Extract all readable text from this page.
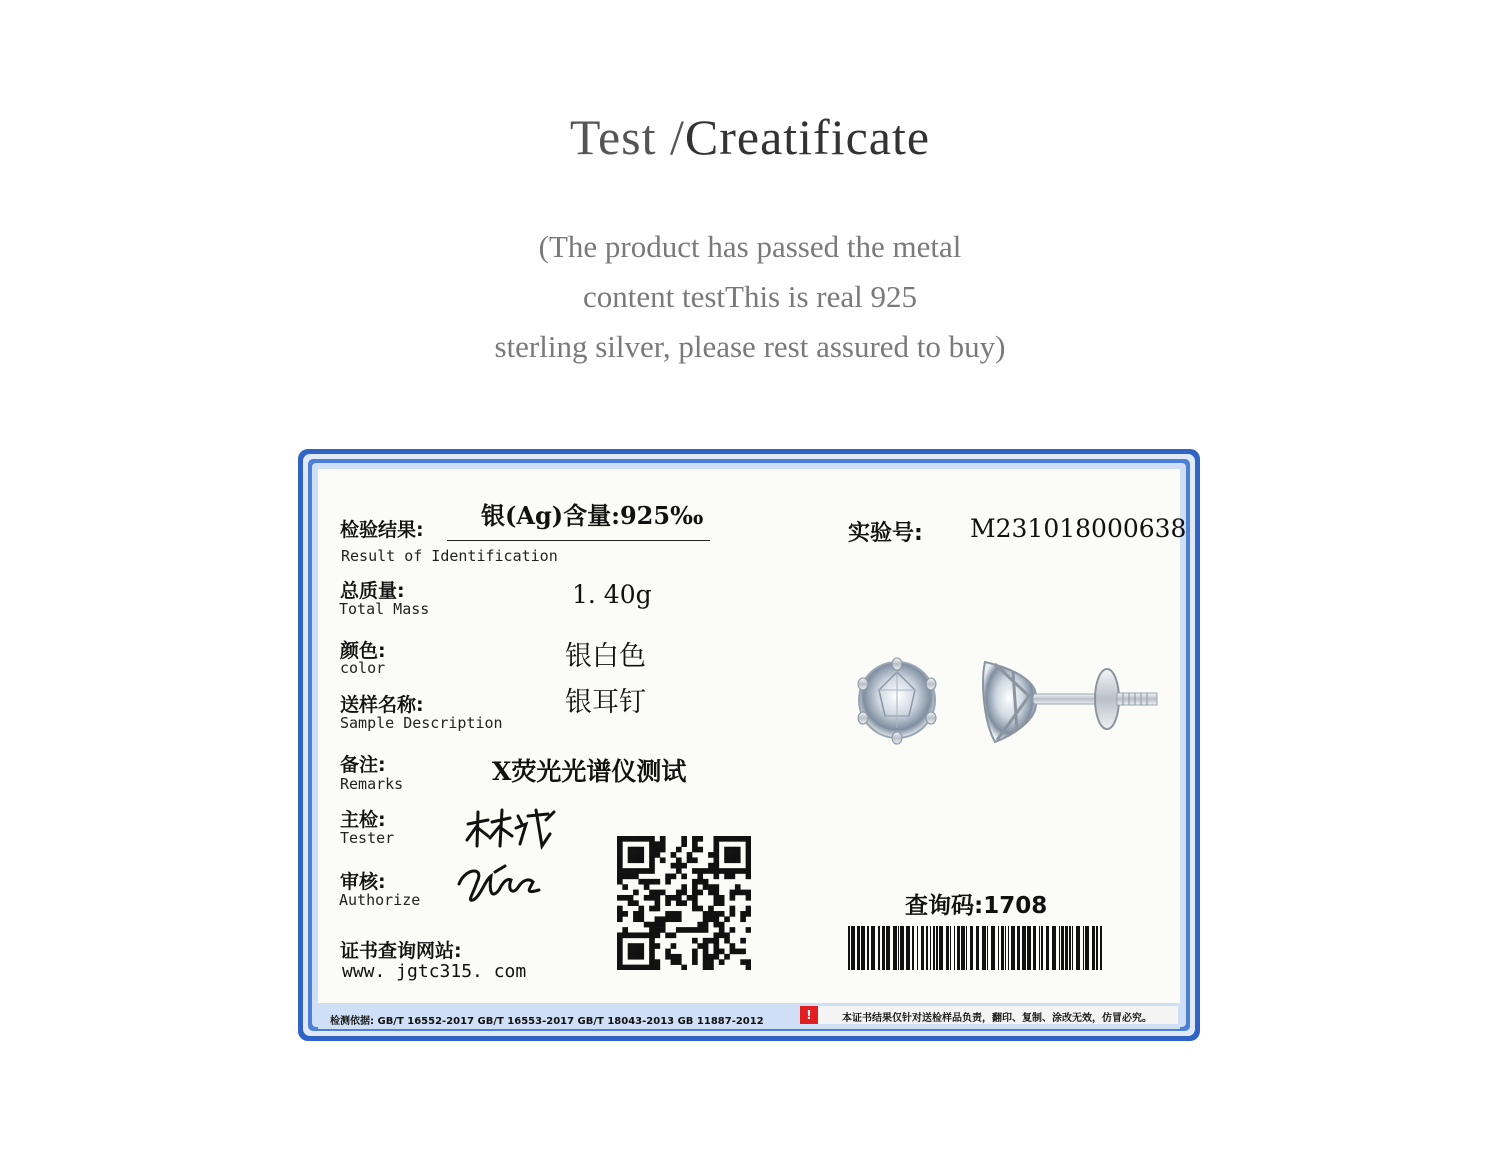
Test /Creatificate
(The product has passed the metal
content testThis is real 925
sterling silver, please rest assured to buy)
检验结果:
Result of Identification
银(Ag)含量:925‰
总质量:
Total Mass	1. 40g
颜色:
color	银白色
送样名称:
Sample Description
银耳钉
备注:
Remarks	X荧光光谱仪测试
主检:
Tester
审核:
Authorize
证书查询网站:
www. jgtc315. com
实验号: M231018000638
查询码:1708
检测依据: GB/T 16552-2017 GB/T 16553-2017 GB/T 18043-2013 GB 11887-2012	!	本证书结果仅针对送检样品负责，翻印、复制、涂改无效，仿冒必究。
